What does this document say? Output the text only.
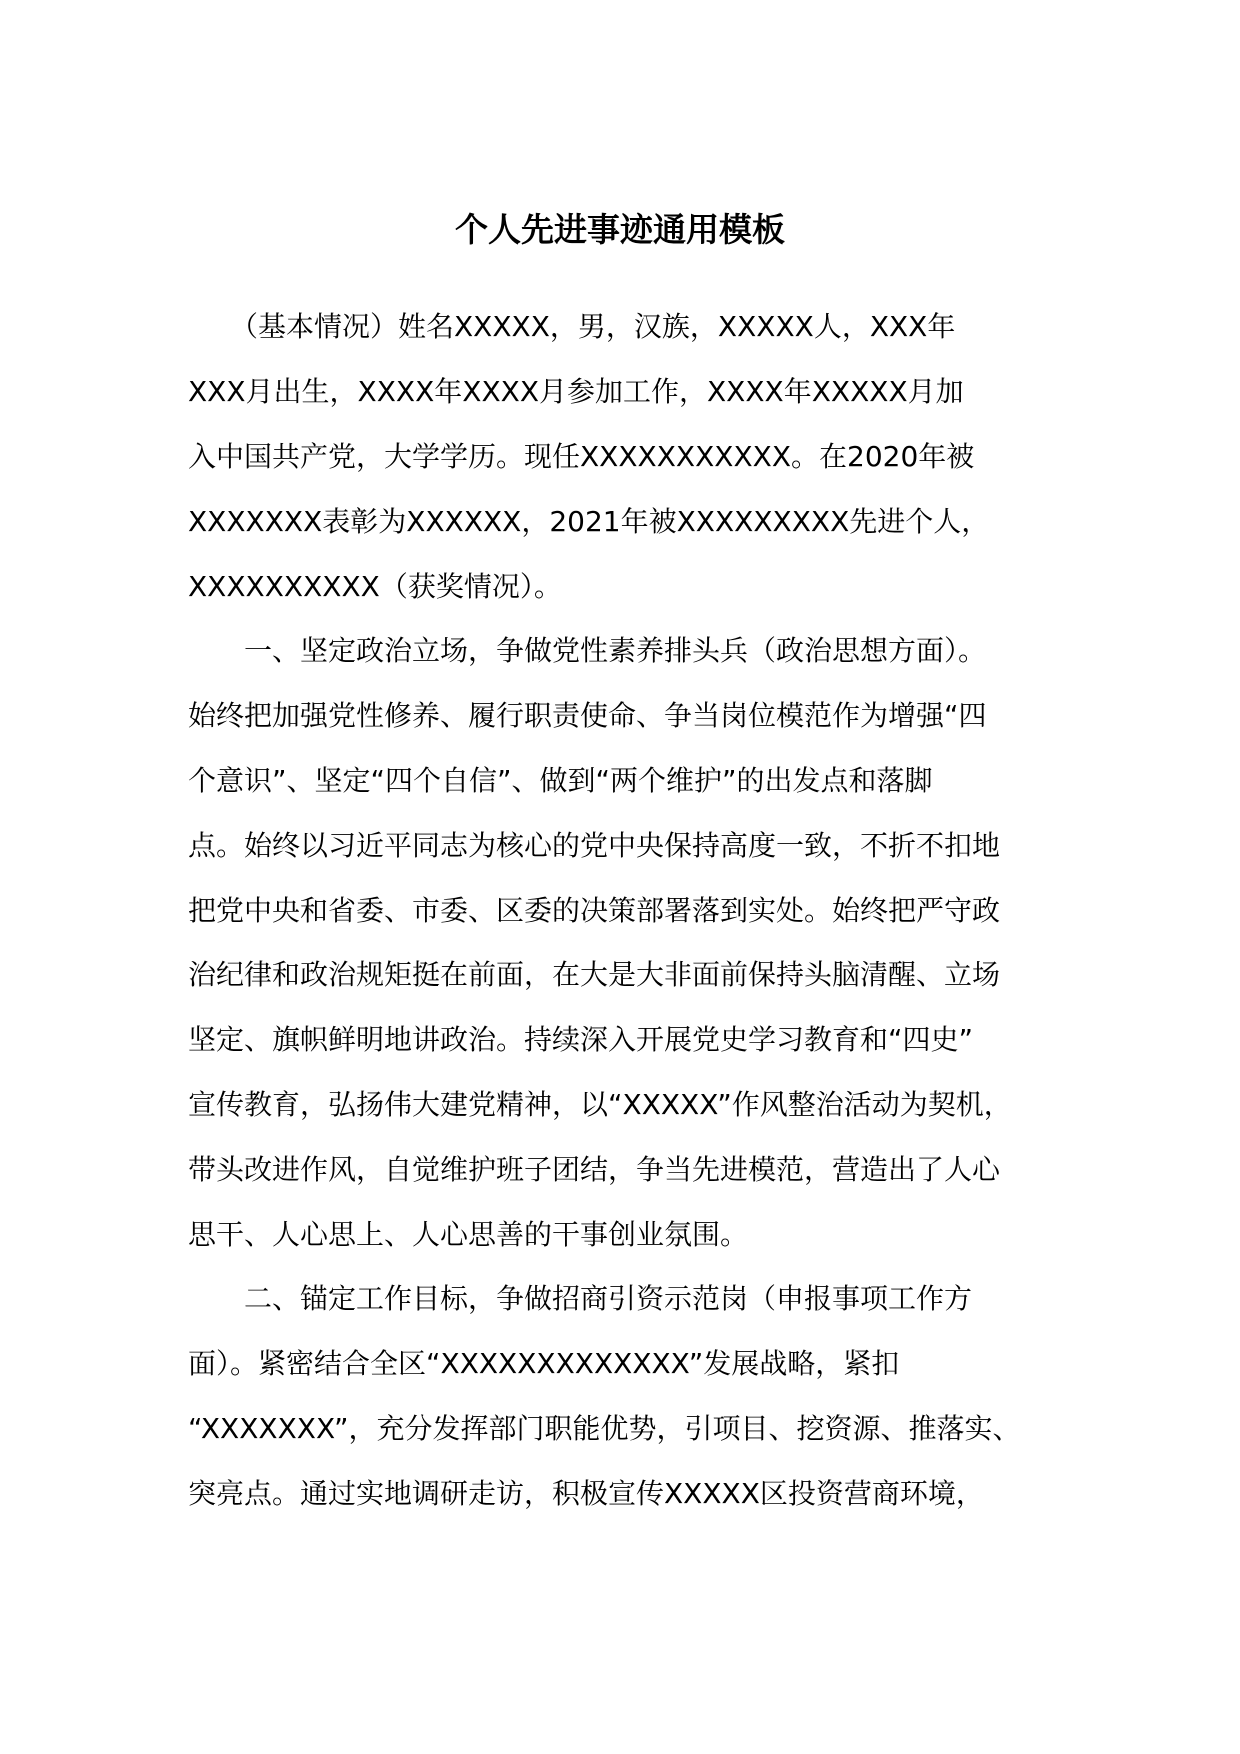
个人先进事迹通用模板

　　（基本情况）姓名XXXXX，男，汉族，XXXXX人，XXX年

XXX月出生，XXXX年XXXX月参加工作，XXXX年XXXXX月加

入中国共产党，大学学历。现任XXXXXXXXXXX。在2020年被

XXXXXXX表彰为XXXXXX，2021年被XXXXXXXXX先进个人，

XXXXXXXXXX（获奖情况）。

　　一、坚定政治立场，争做党性素养排头兵（政治思想方面）。

始终把加强党性修养、履行职责使命、争当岗位模范作为增强“四

个意识”、坚定“四个自信”、做到“两个维护”的出发点和落脚

点。始终以习近平同志为核心的党中央保持高度一致，不折不扣地

把党中央和省委、市委、区委的决策部署落到实处。始终把严守政

治纪律和政治规矩挺在前面，在大是大非面前保持头脑清醒、立场

坚定、旗帜鲜明地讲政治。持续深入开展党史学习教育和“四史”

宣传教育，弘扬伟大建党精神，以“XXXXX”作风整治活动为契机，

带头改进作风，自觉维护班子团结，争当先进模范，营造出了人心

思干、人心思上、人心思善的干事创业氛围。

　　二、锚定工作目标，争做招商引资示范岗（申报事项工作方

面）。紧密结合全区“XXXXXXXXXXXXX”发展战略，紧扣

“XXXXXXX”，充分发挥部门职能优势，引项目、挖资源、推落实、

突亮点。通过实地调研走访，积极宣传XXXXX区投资营商环境，
